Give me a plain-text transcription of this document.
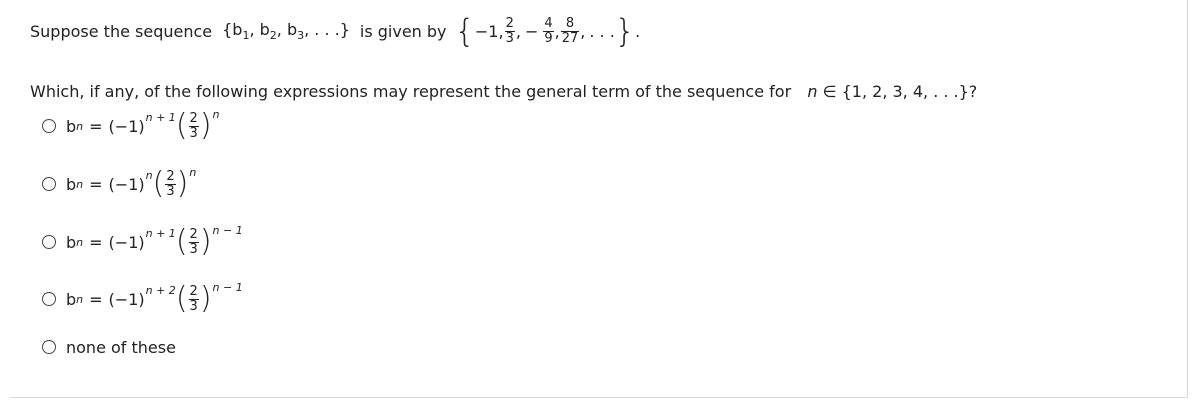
Suppose the sequence {$b_1$, $b_2$, $b_3$, . . .} is given by { −1, $\frac{2}{3}$ , − $\frac{4}{9}$ , $\frac{8}{27}$ , . . . } .
Which, if any, of the following expressions may represent the general term of the sequence for n ∈ {1, 2, 3, 4, . . .}?
b n = (−1) n + 1 ( $\frac{2}{3}$ ) n
b n = (−1) n ( $\frac{2}{3}$ ) n
b n = (−1) n + 1 ( $\frac{2}{3}$ ) n − 1
b n = (−1) n + 2 ( $\frac{2}{3}$ ) n − 1
none of these
